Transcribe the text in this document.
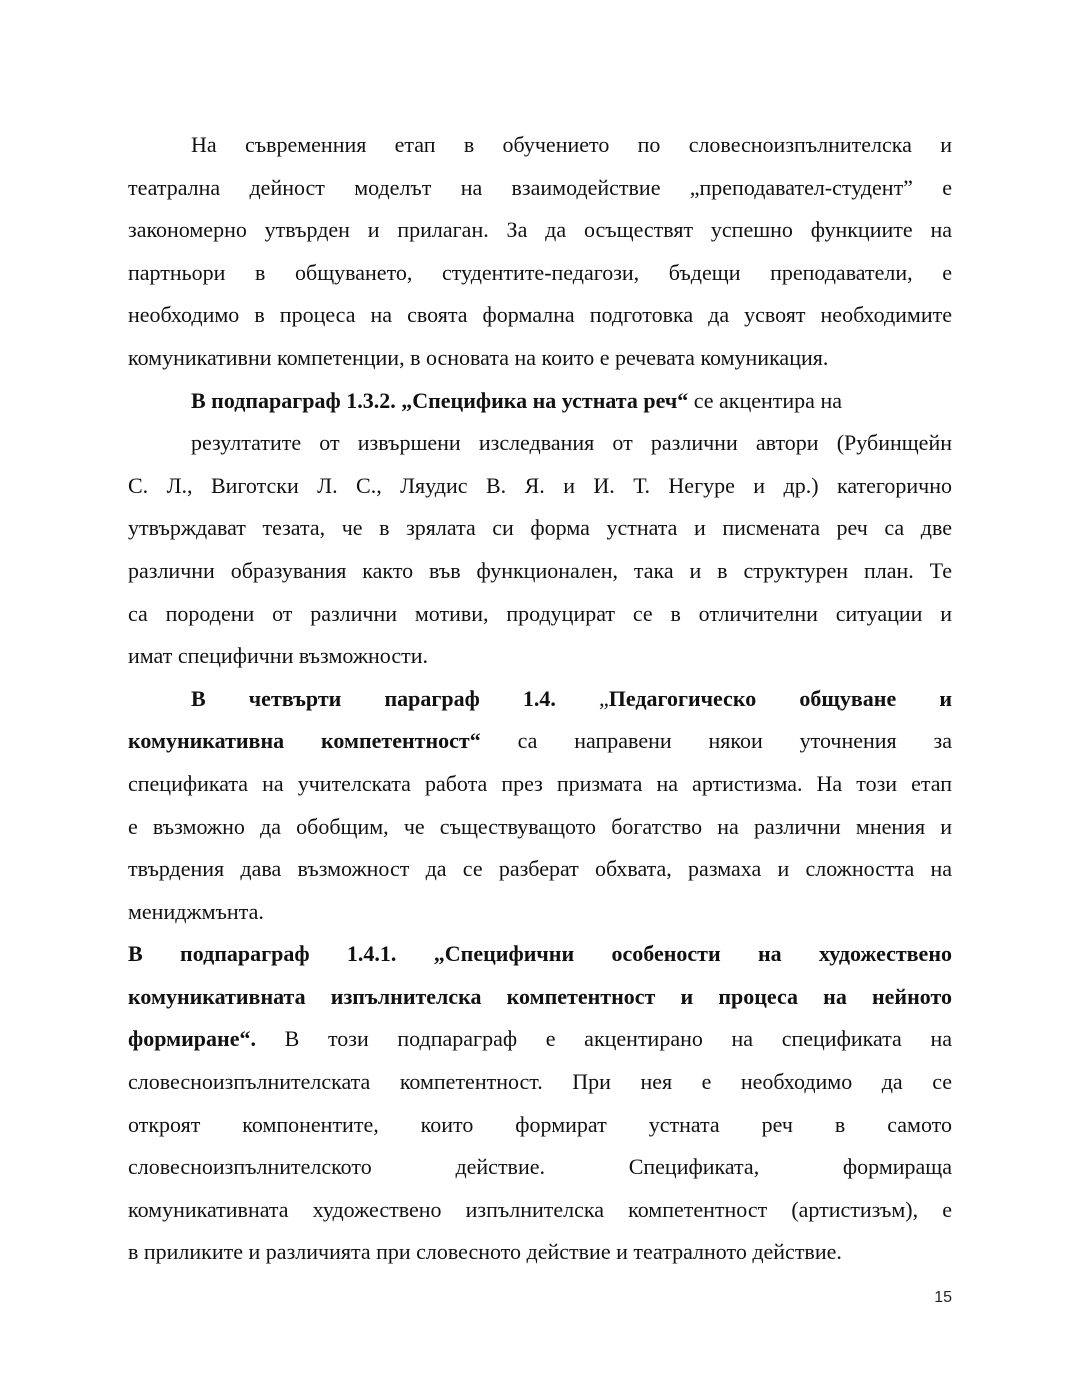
На съвременния етап в обучението по словесноизпълнителска и
театрална дейност моделът на взаимодействие „преподавател-студент” е
закономерно утвърден и прилаган. За да осъществят успешно функциите на
партньори в общуването, студентите-педагози, бъдещи преподаватели, е
необходимо в процеса на своята формална подготовка да усвоят необходимите
комуникативни компетенции, в основата на които е речевата комуникация.
В подпараграф 1.3.2. „Специфика на устната реч“ се акцентира на
резултатите от извършени изследвания от различни автори (Рубинщейн
С. Л., Виготски Л. С., Ляудис В. Я. и И. Т. Негуре и др.) категорично
утвърждават тезата, че в зрялата си форма устната и писмената реч са две
различни образувания както във функционален, така и в структурен план. Те
са породени от различни мотиви, продуцират се в отличителни ситуации и
имат специфични възможности.
В четвърти параграф 1.4. „Педагогическо общуване и
комуникативна компетентност“ са направени някои уточнения за
спецификата на учителската работа през призмата на артистизма. На този етап
е възможно да обобщим, че съществуващото богатство на различни мнения и
твърдения дава възможност да се разберат обхвата, размаха и сложността на
мениджмънта.
В подпараграф 1.4.1. „Специфични особености на художествено
комуникативната изпълнителска компетентност и процеса на нейното
формиране“. В този подпараграф е акцентирано на спецификата на
словесноизпълнителската компетентност. При нея е необходимо да се
откроят компонентите, които формират устната реч в самото
словесноизпълнителското действие. Спецификата, формираща
комуникативната художествено изпълнителска компетентност (артистизъм), е
в приликите и различията при словесното действие и театралното действие.
15
